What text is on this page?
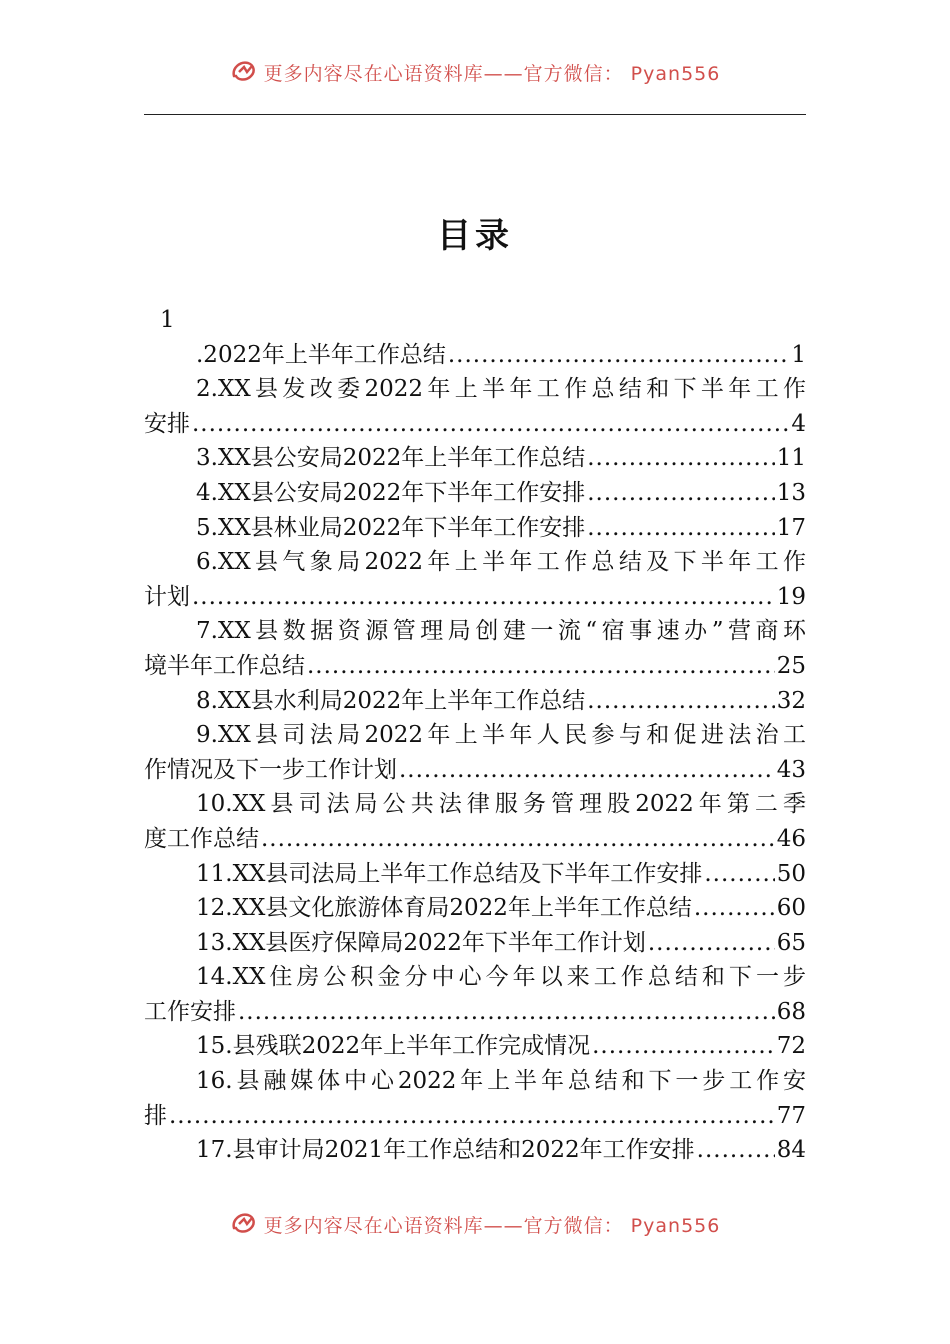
更多内容尽在心语资料库——官方微信： Pyan556
目录
1
.2022年上半年工作总结 .....	1
2.XX县发改委2022年上半年工作总结和下半年工作
安排 .....	4
3.XX县公安局2022年上半年工作总结 .....	11
4.XX县公安局2022年下半年工作安排 .....	13
5.XX县林业局2022年下半年工作安排 .....	17
6.XX县气象局2022年上半年工作总结及下半年工作
计划 .....	19
7.XX县数据资源管理局创建一流“宿事速办”营商环
境半年工作总结 .....	25
8.XX县水利局2022年上半年工作总结 .....	32
9.XX县司法局2022年上半年人民参与和促进法治工
作情况及下一步工作计划 .....	43
10.XX县司法局公共法律服务管理股2022年第二季
度工作总结 .....	46
11.XX县司法局上半年工作总结及下半年工作安排 .....	50
12.XX县文化旅游体育局2022年上半年工作总结 .....	60
13.XX县医疗保障局2022年下半年工作计划 .....	65
14.XX住房公积金分中心今年以来工作总结和下一步
工作安排 .....	68
15.县残联2022年上半年工作完成情况 .....	72
16.县融媒体中心2022年上半年总结和下一步工作安
排 .....	77
17.县审计局2021年工作总结和2022年工作安排 .....	84
更多内容尽在心语资料库——官方微信： Pyan556
